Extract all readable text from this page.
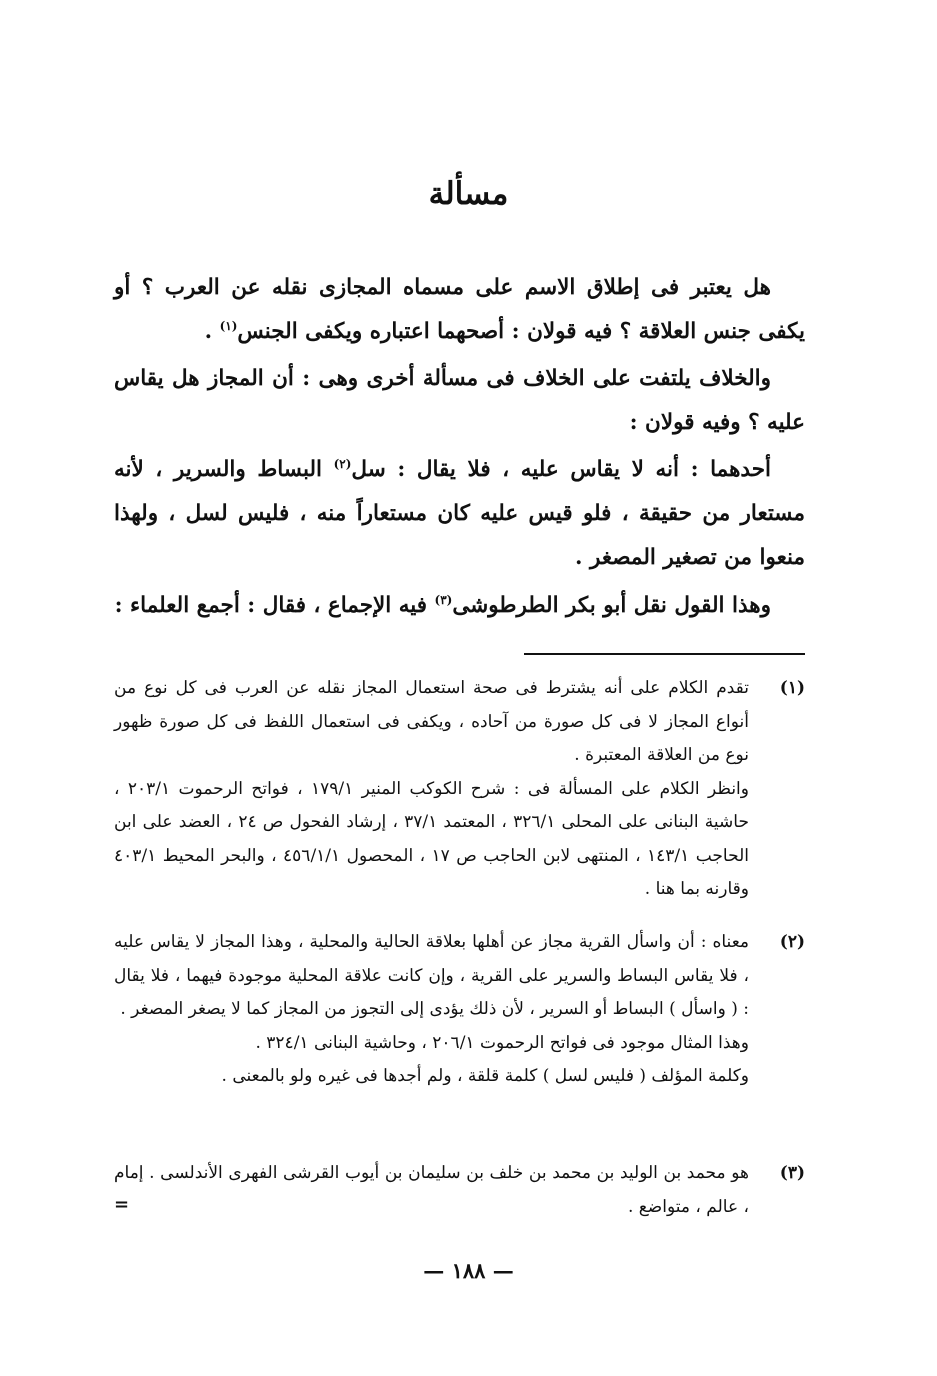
مسألة
هل يعتبر فى إطلاق الاسم على مسماه المجازى نقله عن العرب ؟ أو يكفى جنس العلاقة ؟ فيه قولان : أصحهما اعتباره ويكفى الجنس$^{(١)}$ .
والخلاف يلتفت على الخلاف فى مسألة أخرى وهى : أن المجاز هل يقاس عليه ؟ وفيه قولان :
أحدهما : أنه لا يقاس عليه ، فلا يقال : سل$^{(٢)}$ البساط والسرير ، لأنه مستعار من حقيقة ، فلو قيس عليه كان مستعاراً منه ، فليس لسل ، ولهذا منعوا من تصغير المصغر .
وهذا القول نقل أبو بكر الطرطوشى$^{(٣)}$ فيه الإجماع ، فقال : أجمع العلماء :
(١)
تقدم الكلام على أنه يشترط فى صحة استعمال المجاز نقله عن العرب فى كل نوع من أنواع المجاز لا فى كل صورة من آحاده ، ويكفى فى استعمال اللفظ فى كل صورة ظهور نوع من العلاقة المعتبرة .
وانظر الكلام على المسألة فى : شرح الكوكب المنير ١٧٩/١ ، فواتح الرحموت ٢٠٣/١ ، حاشية البنانى على المحلى ٣٢٦/١ ، المعتمد ٣٧/١ ، إرشاد الفحول ص ٢٤ ، العضد على ابن الحاجب ١٤٣/١ ، المنتهى لابن الحاجب ص ١٧ ، المحصول ٤٥٦/١/١ ، والبحر المحيط ٤٠٣/١ وقارنه بما هنا .
(٢)
معناه : أن واسأل القرية مجاز عن أهلها بعلاقة الحالية والمحلية ، وهذا المجاز لا يقاس عليه ، فلا يقاس البساط والسرير على القرية ، وإن كانت علاقة المحلية موجودة فيهما ، فلا يقال : ( واسأل ) البساط أو السرير ، لأن ذلك يؤدى إلى التجوز من المجاز كما لا يصغر المصغر .
وهذا المثال موجود فى فواتح الرحموت ٢٠٦/١ ، وحاشية البنانى ٣٢٤/١ .
وكلمة المؤلف ( فليس لسل ) كلمة قلقة ، ولم أجدها فى غيره ولو بالمعنى .
(٣)
هو محمد بن الوليد بن محمد بن خلف بن سليمان بن أيوب القرشى الفهرى الأندلسى . إمام ، عالم ، متواضع .
=
— ١٨٨ —
